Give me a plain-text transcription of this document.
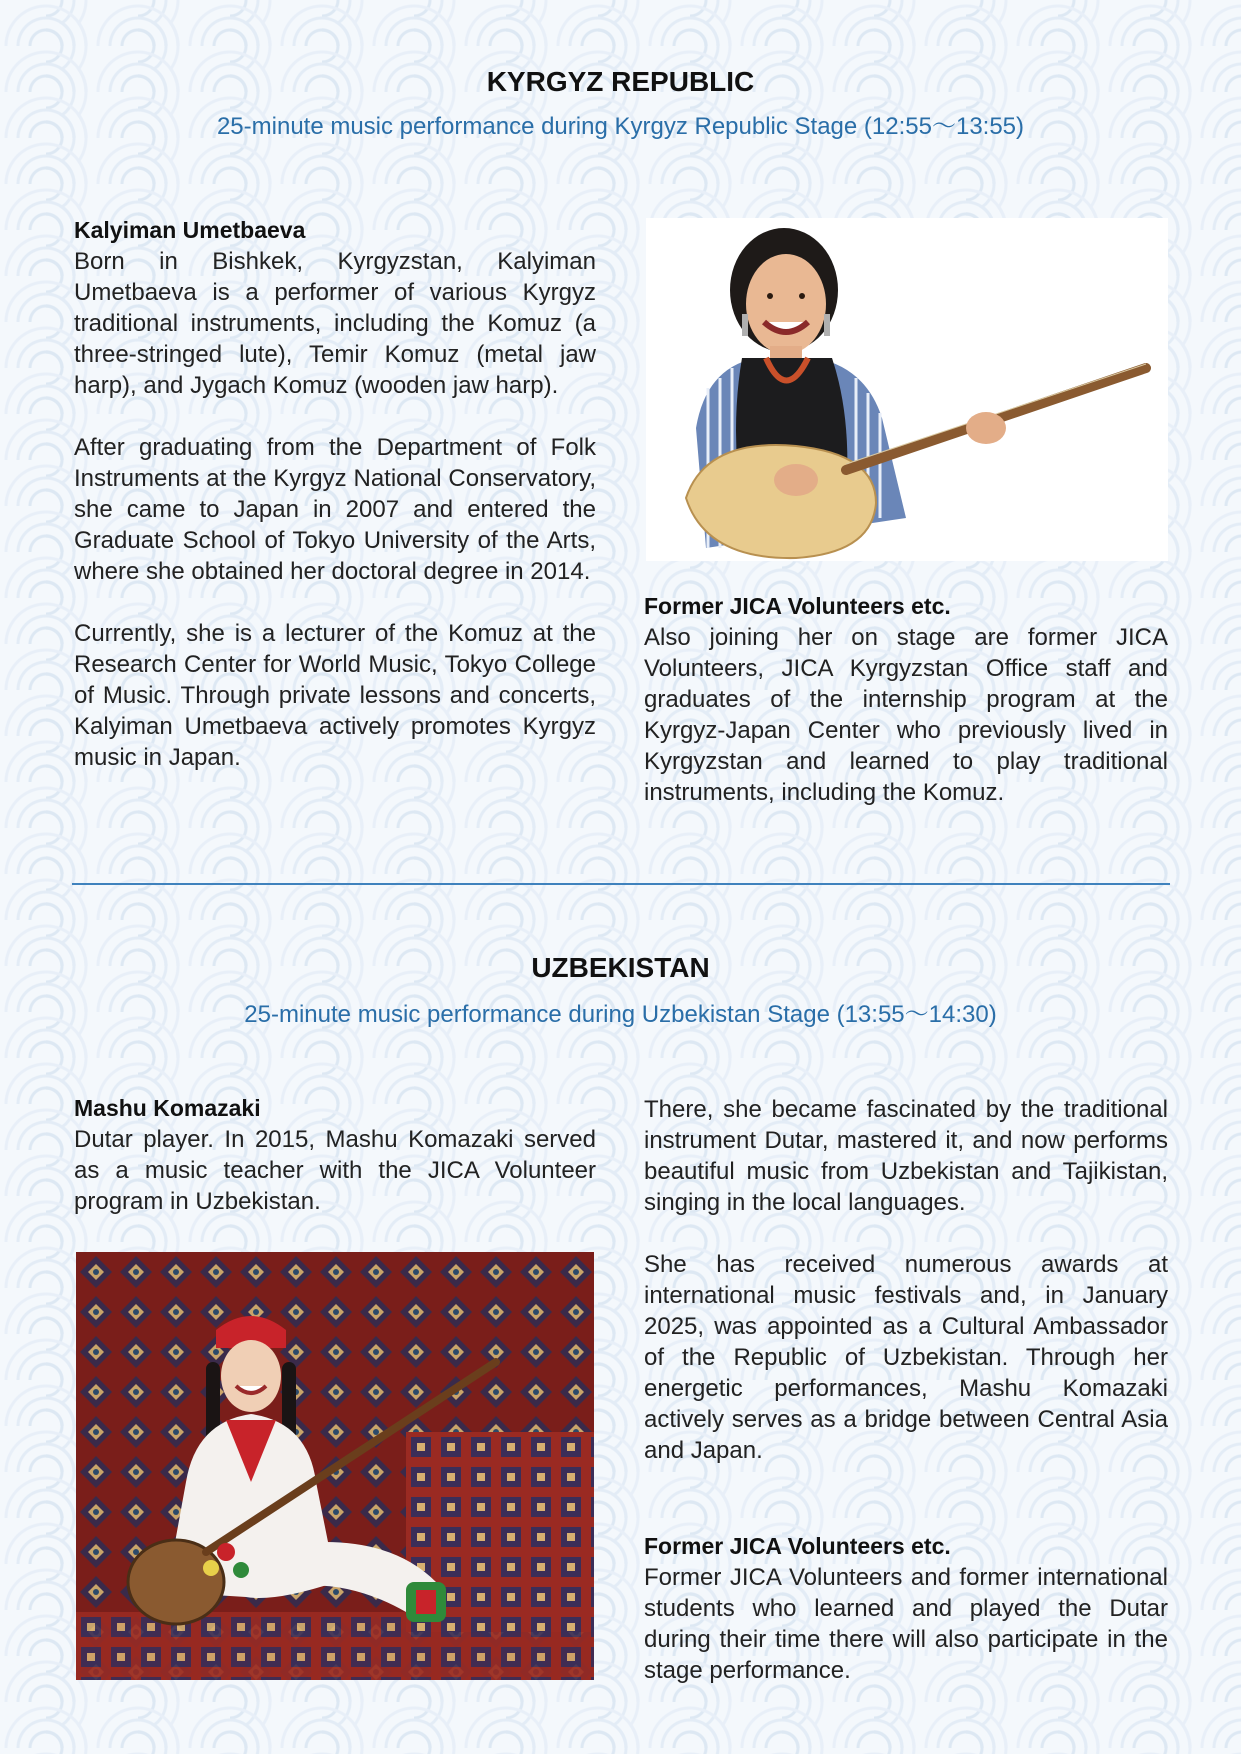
KYRGYZ REPUBLIC
25-minute music performance during Kyrgyz Republic Stage (12:55～13:55)
Kalyiman Umetbaeva

Born in Bishkek, Kyrgyzstan, Kalyiman Umetbaeva is a performer of various Kyrgyz traditional instruments, including the Komuz (a three-stringed lute), Temir Komuz (metal jaw harp), and Jygach Komuz (wooden jaw harp).

After graduating from the Department of Folk Instruments at the Kyrgyz National Conservatory, she came to Japan in 2007 and entered the Graduate School of Tokyo University of the Arts, where she obtained her doctoral degree in 2014.

Currently, she is a lecturer of the Komuz at the Research Center for World Music, Tokyo College of Music. Through private lessons and concerts, Kalyiman Umetbaeva actively promotes Kyrgyz music in Japan.

Former JICA Volunteers etc.

Also joining her on stage are former JICA Volunteers, JICA Kyrgyzstan Office staff and graduates of the internship program at the Kyrgyz-Japan Center who previously lived in Kyrgyzstan and learned to play traditional instruments, including the Komuz.

UZBEKISTAN
25-minute music performance during Uzbekistan Stage (13:55～14:30)
Mashu Komazaki

Dutar player. In 2015, Mashu Komazaki served as a music teacher with the JICA Volunteer program in Uzbekistan.

There, she became fascinated by the traditional instrument Dutar, mastered it, and now performs beautiful music from Uzbekistan and Tajikistan, singing in the local languages.

She has received numerous awards at international music festivals and, in January 2025, was appointed as a Cultural Ambassador of the Republic of Uzbekistan. Through her energetic performances, Mashu Komazaki actively serves as a bridge between Central Asia and Japan.

Former JICA Volunteers etc.

Former JICA Volunteers and former international students who learned and played the Dutar during their time there will also participate in the stage performance.
